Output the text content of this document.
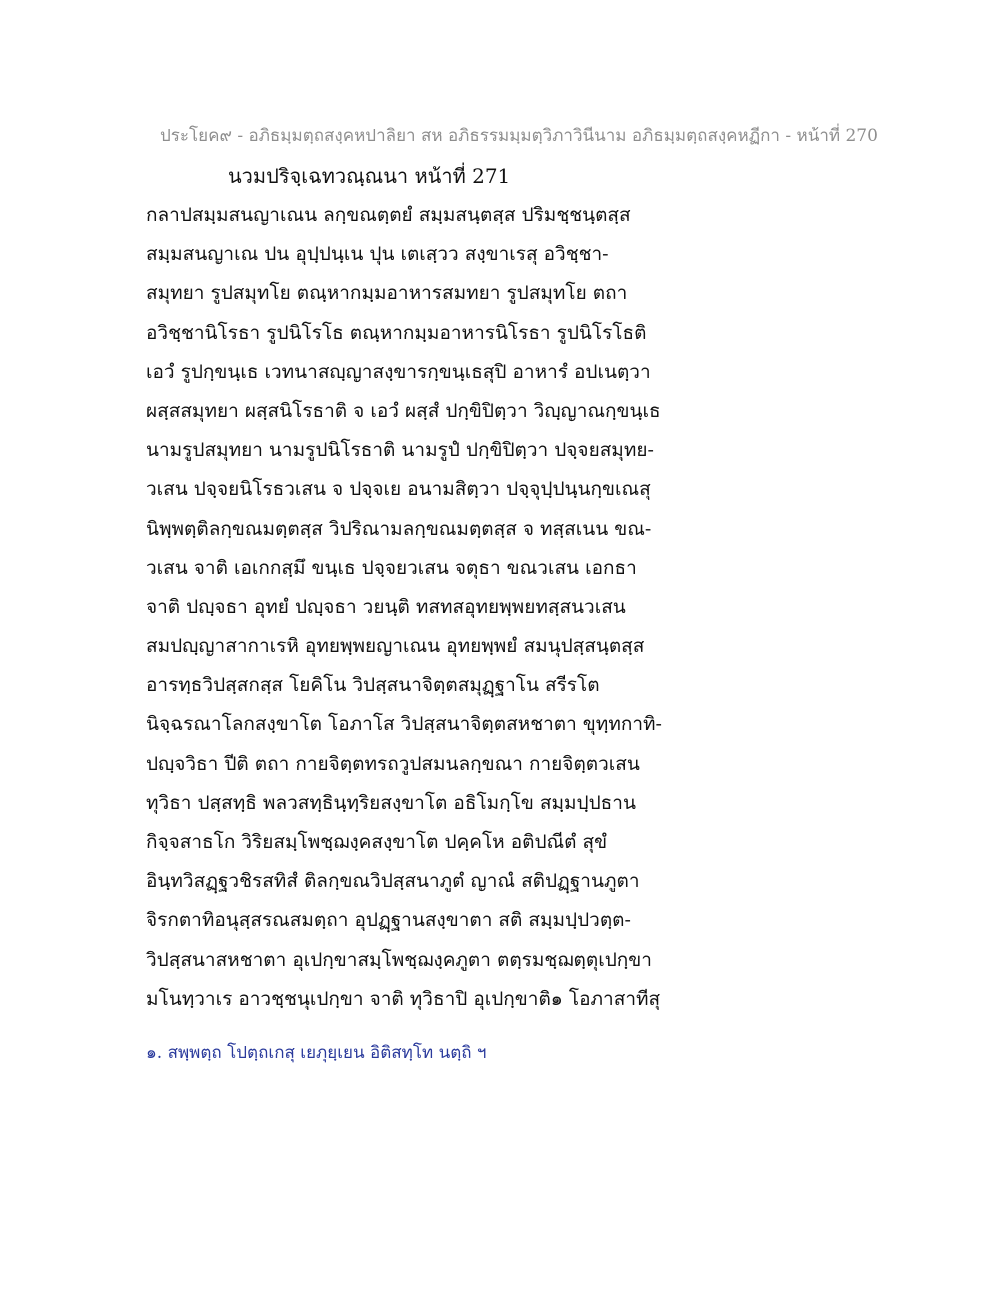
ประโยค๙ - อภิธมฺมตฺถสงฺคหปาลิยา สห อภิธรรมมฺมตฺวิภาวินีนาม อภิธมฺมตฺถสงฺคหฏีกา - หน้าที่ 270
นวมปริจฺเฉทวณฺณนา หน้าที่ 271
กลาปสมฺมสนญาเณน ลกฺขณตฺตยํ สมฺมสนฺตสฺส ปริมชฺชนฺตสฺส
สมฺมสนญาเณ ปน อุปฺปนฺเน ปุน เตเสฺวว สงฺขาเรสุ อวิชฺชา-
สมุทยา รูปสมุทโย ตณฺหากมฺมอาหารสมทยา รูปสมุทโย ตถา
อวิชฺชานิโรธา รูปนิโรโธ ตณฺหากมฺมอาหารนิโรธา รูปนิโรโธติ
เอวํ รูปกฺขนฺเธ เวทนาสญฺญาสงฺขารกฺขนฺเธสุปิ อาหารํ อปเนตฺวา
ผสฺสสมุทยา ผสฺสนิโรธาติ จ เอวํ ผสฺสํ ปกฺขิปิตฺวา วิญฺญาณกฺขนฺเธ
นามรูปสมุทยา นามรูปนิโรธาติ นามรูปํ ปกฺขิปิตฺวา ปจฺจยสมุทย-
วเสน ปจฺจยนิโรธวเสน จ ปจฺจเย อนามสิตฺวา ปจฺจุปฺปนฺนกฺขเณสุ
นิพฺพตฺติลกฺขณมตฺตสฺส วิปริณามลกฺขณมตฺตสฺส จ ทสฺสเนน ขณ-
วเสน จาติ เอเกกสฺมึ ขนฺเธ ปจฺจยวเสน จตุธา ขณวเสน เอกธา
จาติ ปญฺจธา อุทยํ ปญฺจธา วยนฺติ ทสทสอุทยพฺพยทสฺสนวเสน
สมปญฺญาสากาเรหิ อุทยพฺพยญาเณน อุทยพฺพยํ สมนุปสฺสนฺตสฺส
อารทฺธวิปสฺสกสฺส โยคิโน วิปสฺสนาจิตฺตสมุฏฺฐาโน สรีรโต
นิจฺฉรณาโลกสงฺขาโต โอภาโส วิปสฺสนาจิตฺตสหชาตา ขุทฺทกาทิ-
ปญฺจวิธา ปีติ ตถา กายจิตฺตทรถวูปสมนลกฺขณา กายจิตฺตวเสน
ทุวิธา ปสฺสทฺธิ พลวสทฺธินฺทฺริยสงฺขาโต อธิโมกฺโข สมฺมปฺปธาน
กิจฺจสาธโก วิริยสมฺโพชฺฌงฺคสงฺขาโต ปคฺคโห อติปณีตํ สุขํ
อินฺทวิสฏฺฐวชิรสทิสํ ติลกฺขณวิปสฺสนาภูตํ ญาณํ สติปฏฺฐานภูตา
จิรกตาทิอนุสฺสรณสมตฺถา อุปฏฺฐานสงฺขาตา สติ สมฺมปฺปวตฺต-
วิปสฺสนาสหชาตา อุเปกฺขาสมฺโพชฺฌงฺคภูตา ตตฺรมชฺฌตฺตุเปกฺขา
มโนทฺวาเร อาวชฺชนุเปกฺขา จาติ ทุวิธาปิ อุเปกฺขาติ๑ โอภาสาทีสุ
๑. สพฺพตฺถ โปตฺถเกสุ เยภุยฺเยน อิติสทฺโท นตฺถิ ฯ
